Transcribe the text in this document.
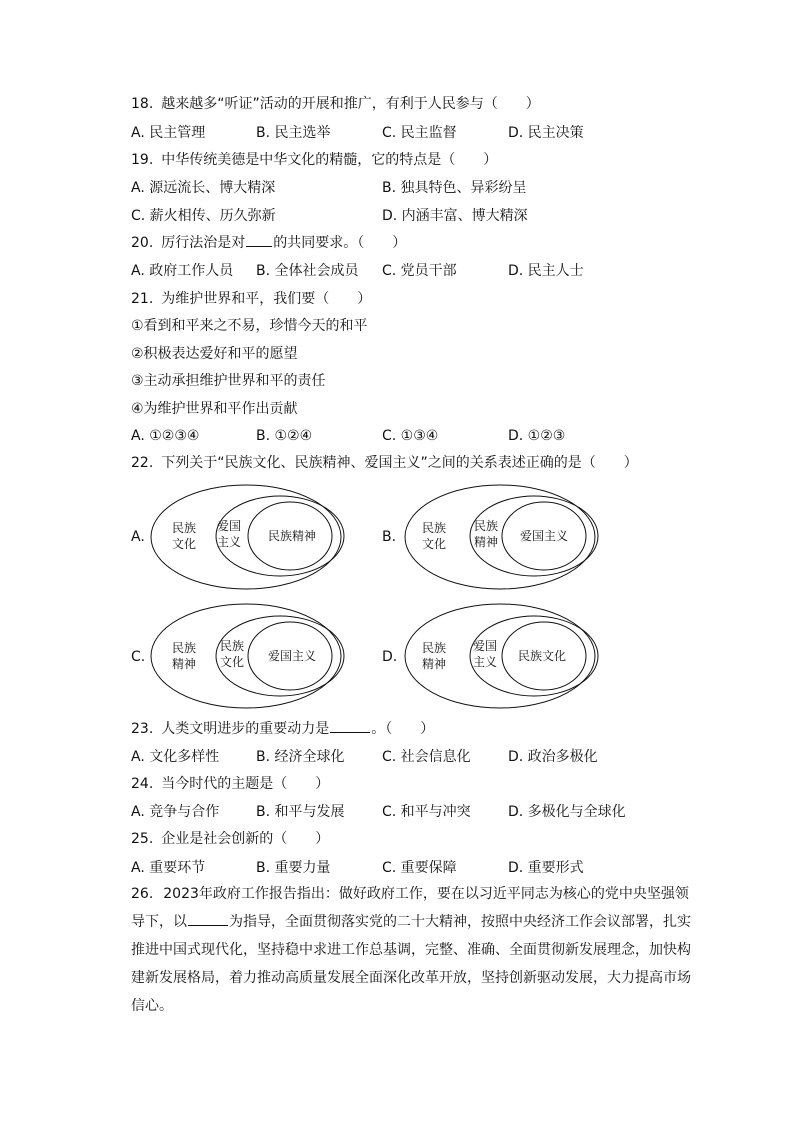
18. 越来越多“听证”活动的开展和推广，有利于人民参与（　　）
A. 民主管理	B. 民主选举	C. 民主监督	D. 民主决策
19. 中华传统美德是中华文化的精髓，它的特点是（　　）
A. 源远流长、博大精深	B. 独具特色、异彩纷呈
C. 薪火相传、历久弥新	D. 内涵丰富、博大精深
20. 厉行法治是对 的共同要求。（　　）
A. 政府工作人员 B. 全体社会成员 C. 党员干部	D. 民主人士
21. 为维护世界和平，我们要（　　）
①看到和平来之不易，珍惜今天的和平
②积极表达爱好和平的愿望
③主动承担维护世界和平的责任
④为维护世界和平作出贡献
A. ①②③④	B. ①②④	C. ①③④	D. ①②③
22. 下列关于“民族文化、民族精神、爱国主义”之间的关系表述正确的是（　　）
A.
民族
文化
爱国
主义 民族精神	B.
民族
文化
民族
精神 爱国主义
C.
民族
精神
民族
文化 爱国主义	D.
民族
精神
爱国
主义 民族文化
23. 人类文明进步的重要动力是	。（　　）
A. 文化多样性	B. 经济全球化	C. 社会信息化	D. 政治多极化
24. 当今时代的主题是（　　）
A. 竞争与合作	B. 和平与发展	C. 和平与冲突	D. 多极化与全球化
25. 企业是社会创新的（　　）
A. 重要环节	B. 重要力量	C. 重要保障	D. 重要形式
26. 2023年政府工作报告指出：做好政府工作，要在以习近平同志为核心的党中央坚强领导下，以	为指导，全面贯彻落实党的二十大精神，按照中央经济工作会议部署，扎实推进中国式现代化，坚持稳中求进工作总基调，完整、准确、全面贯彻新发展理念，加快构建新发展格局，着力推动高质量发展全面深化改革开放，坚持创新驱动发展，大力提高市场信心。
